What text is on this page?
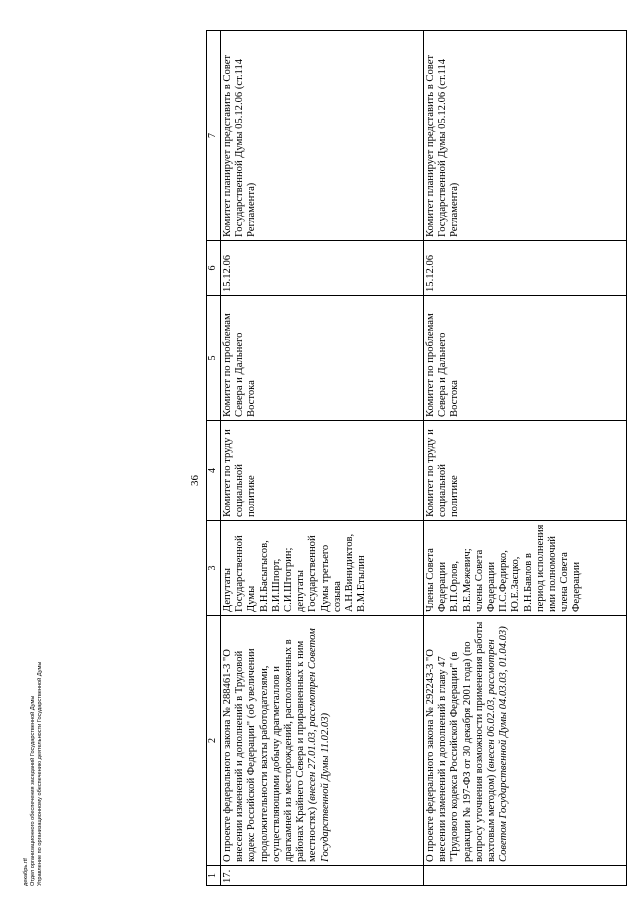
декабрь.rtf Отдел организационного обеспечения заседаний Государственной Думы Управление по организационному обеспечению деятельности Государственной Думы
36
1	2	3	4	5	6	7
17.	О проекте федерального закона № 288461-3 "О внесении изменений и дополнений в Трудовой кодекс Российской Федерации" (об увеличении продолжительности вахты работодателями, осуществляющими добычу драгметаллов и драгкамней из месторождений, расположенных в районах Крайнего Севера и приравненных к ним местностях) (внесен 27.01.03, рассмотрен Советом Государственной Думы 11.02.03)	Депутаты Государственной Думы В.Н.Басыгысов, В.И.Шпорт, С.И.Штогрин; депутаты Государственной Думы третьего созыва А.Н.Винидиктов, В.М.Етылин	Комитет по труду и социальной политике	Комитет по проблемам Севера и Дальнего Востока	15.12.06	Комитет планирует представить в Совет Государственной Думы 05.12.06 (ст.114 Регламента)
	О проекте федерального закона № 292243-3 "О внесении изменений и дополнений в главу 47 "Трудового кодекса Российской Федерации" (в редакции № 197-ФЗ от 30 декабря 2001 года) (по вопросу уточнения возможности применения работы вахтовым методом) (внесен 06.02.03, рассмотрен Советом Государственной Думы 04.03.03, 01.04.03)	Члены Совета Федерации В.П.Орлов, В.Е.Межевич; члены Совета Федерации П.С.Федирко, Ю.Е.Заєцко, В.Н.Бавлов в период исполнения ими полномочий члена Совета Федерации	Комитет по труду и социальной политике	Комитет по проблемам Севера и Дальнего Востока	15.12.06	Комитет планирует представить в Совет Государственной Думы 05.12.06 (ст.114 Регламента)
